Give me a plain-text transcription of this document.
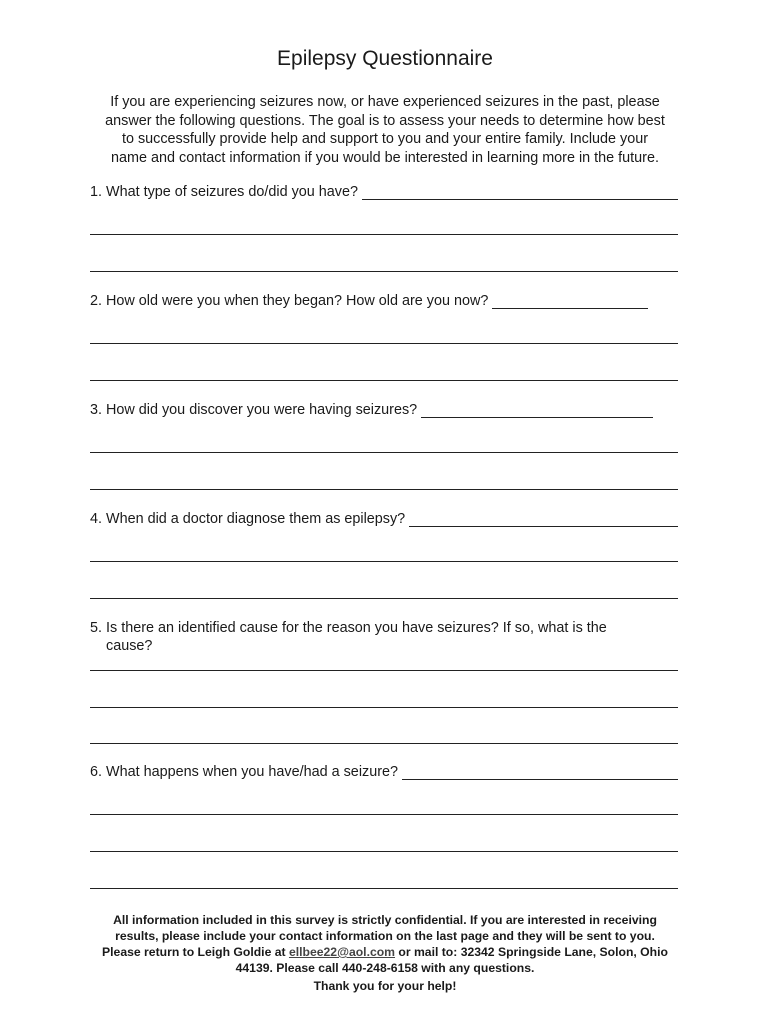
Epilepsy Questionnaire
If you are experiencing seizures now, or have experienced seizures in the past, please
answer the following questions. The goal is to assess your needs to determine how best
to successfully provide help and support to you and your entire family. Include your
name and contact information if you would be interested in learning more in the future.
1. What type of seizures do/did you have?
2. How old were you when they began? How old are you now?
3. How did you discover you were having seizures?
4. When did a doctor diagnose them as epilepsy?
5. Is there an identified cause for the reason you have seizures? If so, what is the
cause?
6. What happens when you have/had a seizure?
All information included in this survey is strictly confidential. If you are interested in receiving
results, please include your contact information on the last page and they will be sent to you.
Please return to Leigh Goldie at ellbee22@aol.com or mail to: 32342 Springside Lane, Solon, Ohio
44139. Please call 440-248-6158 with any questions.
Thank you for your help!
